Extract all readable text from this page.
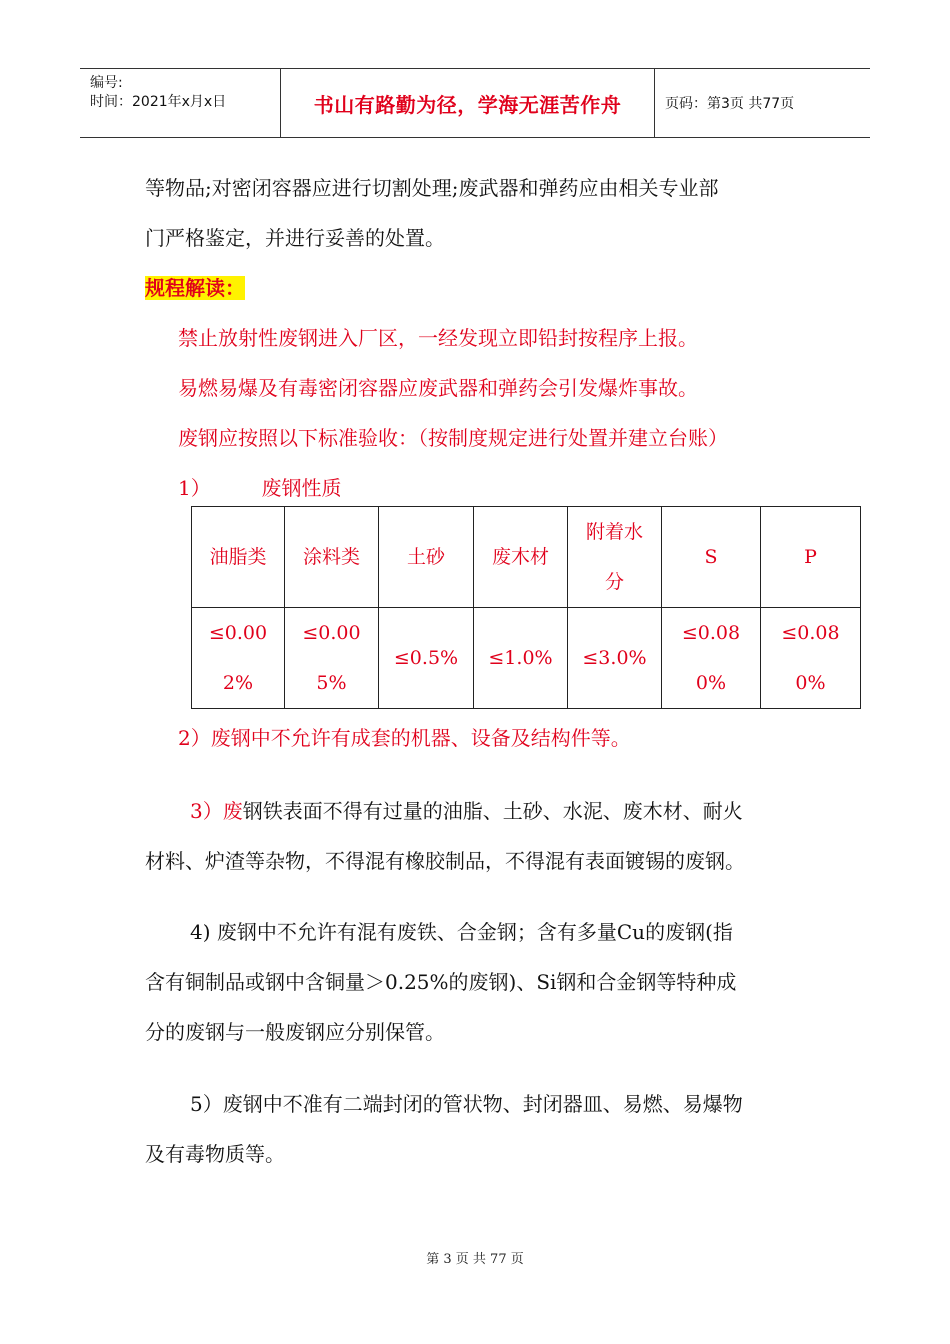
编号:
时间：2021年x月x日	书山有路勤为径，学海无涯苦作舟	页码：第3页 共77页
等物品;对密闭容器应进行切割处理;废武器和弹药应由相关专业部
门严格鉴定，并进行妥善的处置。
规程解读：
禁止放射性废钢进入厂区，一经发现立即铅封按程序上报。
易燃易爆及有毒密闭容器应废武器和弹药会引发爆炸事故。
废钢应按照以下标准验收：（按制度规定进行处置并建立台账）
1）	废钢性质
油脂类	涂料类	土砂	废木材	附着水分	S	P

≤0.002%	≤0.005%	≤0.5%	≤1.0%	≤3.0%	≤0.080%	≤0.080%
2）废钢中不允许有成套的机器、设备及结构件等。
3）废钢铁表面不得有过量的油脂、土砂、水泥、废木材、耐火
材料、炉渣等杂物，不得混有橡胶制品，不得混有表面镀锡的废钢。
4) 废钢中不允许有混有废铁、合金钢；含有多量Cu的废钢(指
含有铜制品或钢中含铜量＞0.25%的废钢)、Si钢和合金钢等特种成
分的废钢与一般废钢应分别保管。
5）废钢中不准有二端封闭的管状物、封闭器皿、易燃、易爆物
及有毒物质等。
第 3 页 共 77 页
